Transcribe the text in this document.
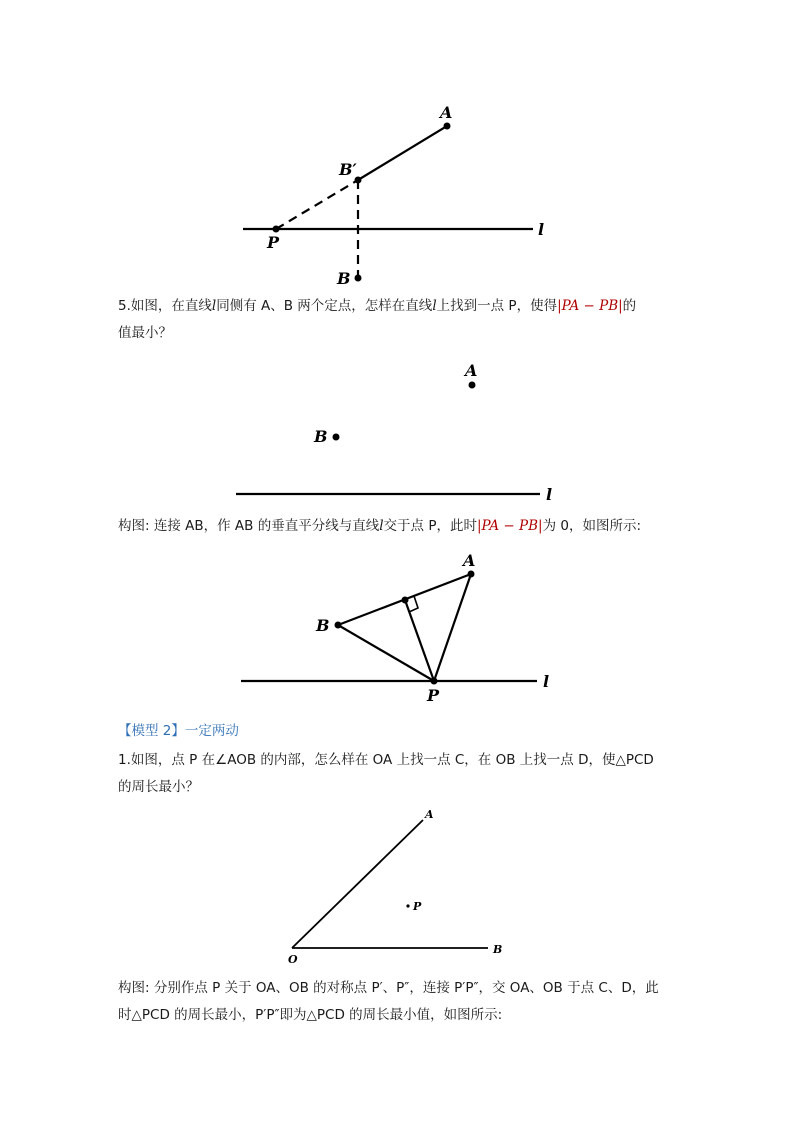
A
B′
P
B
l
5.如图，在直线l同侧有 A、B 两个定点，怎样在直线l上找到一点 P，使得|PA − PB|的
值最小？
A
B
l
构图: 连接 AB，作 AB 的垂直平分线与直线l交于点 P，此时|PA − PB|为 0，如图所示:
A
B
P
l
【模型 2】一定两动
1.如图，点 P 在∠AOB 的内部，怎么样在 OA 上找一点 C，在 OB 上找一点 D，使△PCD
的周长最小？
A
P
O
B
构图: 分别作点 P 关于 OA、OB 的对称点 P′、P″，连接 P′P″，交 OA、OB 于点 C、D，此
时△PCD 的周长最小，P′P″即为△PCD 的周长最小值，如图所示:
